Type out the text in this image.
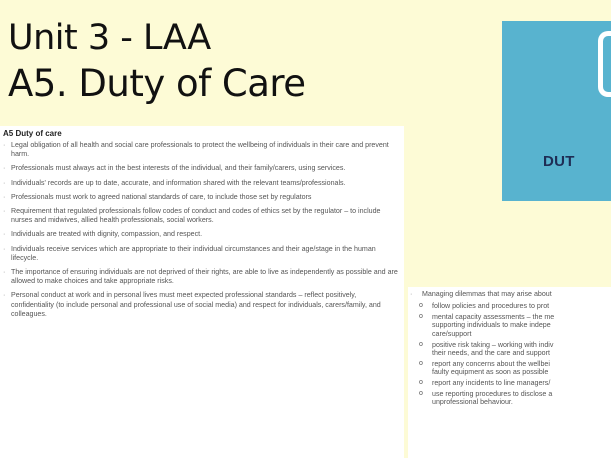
Unit 3 - LAA
A5. Duty of Care
DUT
A5 Duty of care
· Legal obligation of all health and social care professionals to protect the wellbeing of individuals in their care and prevent harm.
· Professionals must always act in the best interests of the individual, and their family/carers, using services.
· Individuals' records are up to date, accurate, and information shared with the relevant teams/professionals.
· Professionals must work to agreed national standards of care, to include those set by regulators
· Requirement that regulated professionals follow codes of conduct and codes of ethics set by the regulator – to include nurses and midwives, allied health professionals, social workers.
· Individuals are treated with dignity, compassion, and respect.
· Individuals receive services which are appropriate to their individual circumstances and their age/stage in the human lifecycle.
· The importance of ensuring individuals are not deprived of their rights, are able to live as independently as possible and are allowed to make choices and take appropriate risks.
· Personal conduct at work and in personal lives must meet expected professional standards – reflect positively, confidentiality (to include personal and professional use of social media) and respect for individuals, carers/family, and colleagues.
· Managing dilemmas that may arise about
o follow policies and procedures to prot
o mental capacity assessments – the me
supporting individuals to make indepe
care/support
o positive risk taking – working with indiv
their needs, and the care and support
o report any concerns about the wellbei
faulty equipment as soon as possible
o report any incidents to line managers/
o use reporting procedures to disclose a
unprofessional behaviour.
